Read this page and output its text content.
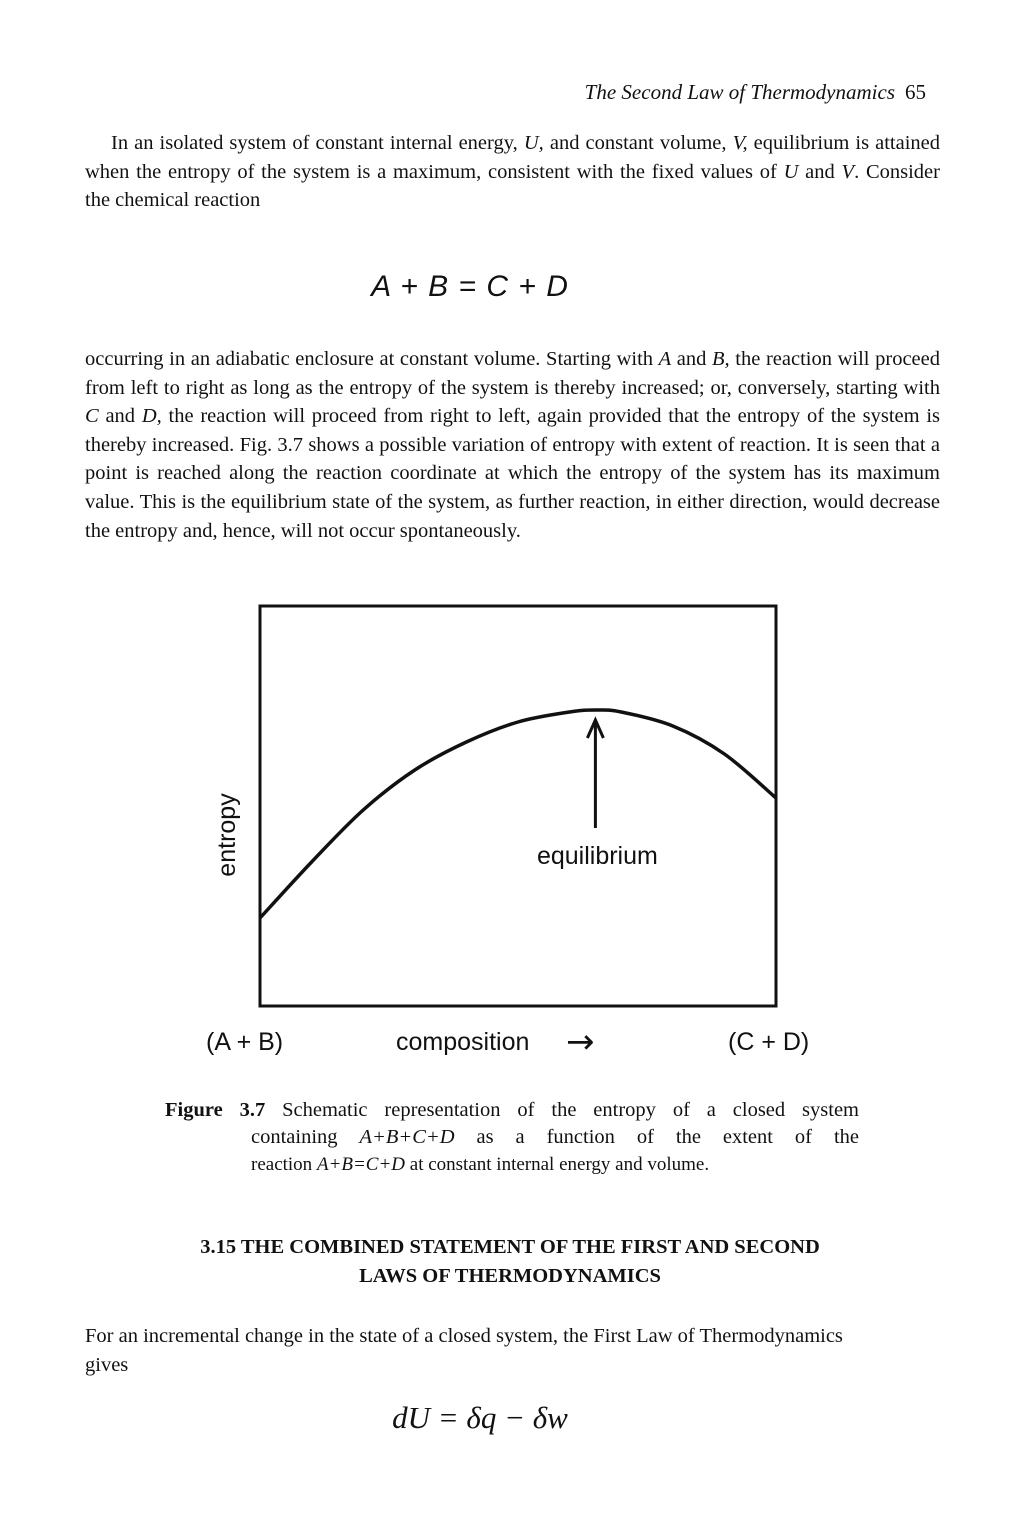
The Second Law of Thermodynamics 65

In an isolated system of constant internal energy, U, and constant volume, V, equilibrium is attained when the entropy of the system is a maximum, consistent with the fixed values of U and V. Consider the chemical reaction

A + B = C + D

occurring in an adiabatic enclosure at constant volume. Starting with A and B, the reaction will proceed from left to right as long as the entropy of the system is thereby increased; or, conversely, starting with C and D, the reaction will proceed from right to left, again provided that the entropy of the system is thereby increased. Fig. 3.7 shows a possible variation of entropy with extent of reaction. It is seen that a point is reached along the reaction coordinate at which the entropy of the system has its maximum value. This is the equilibrium state of the system, as further reaction, in either direction, would decrease the entropy and, hence, will not occur spontaneously.

equilibrium
entropy
(A + B)	composition →	(C + D)
Figure 3.7 Schematic representation of the entropy of a closed system
containing A+B+C+D as a function of the extent of the
reaction A+B=C+D at constant internal energy and volume.
3.15 THE COMBINED STATEMENT OF THE FIRST AND SECOND
LAWS OF THERMODYNAMICS
For an incremental change in the state of a closed system, the First Law of Thermodynamics gives
dU = δq − δw
